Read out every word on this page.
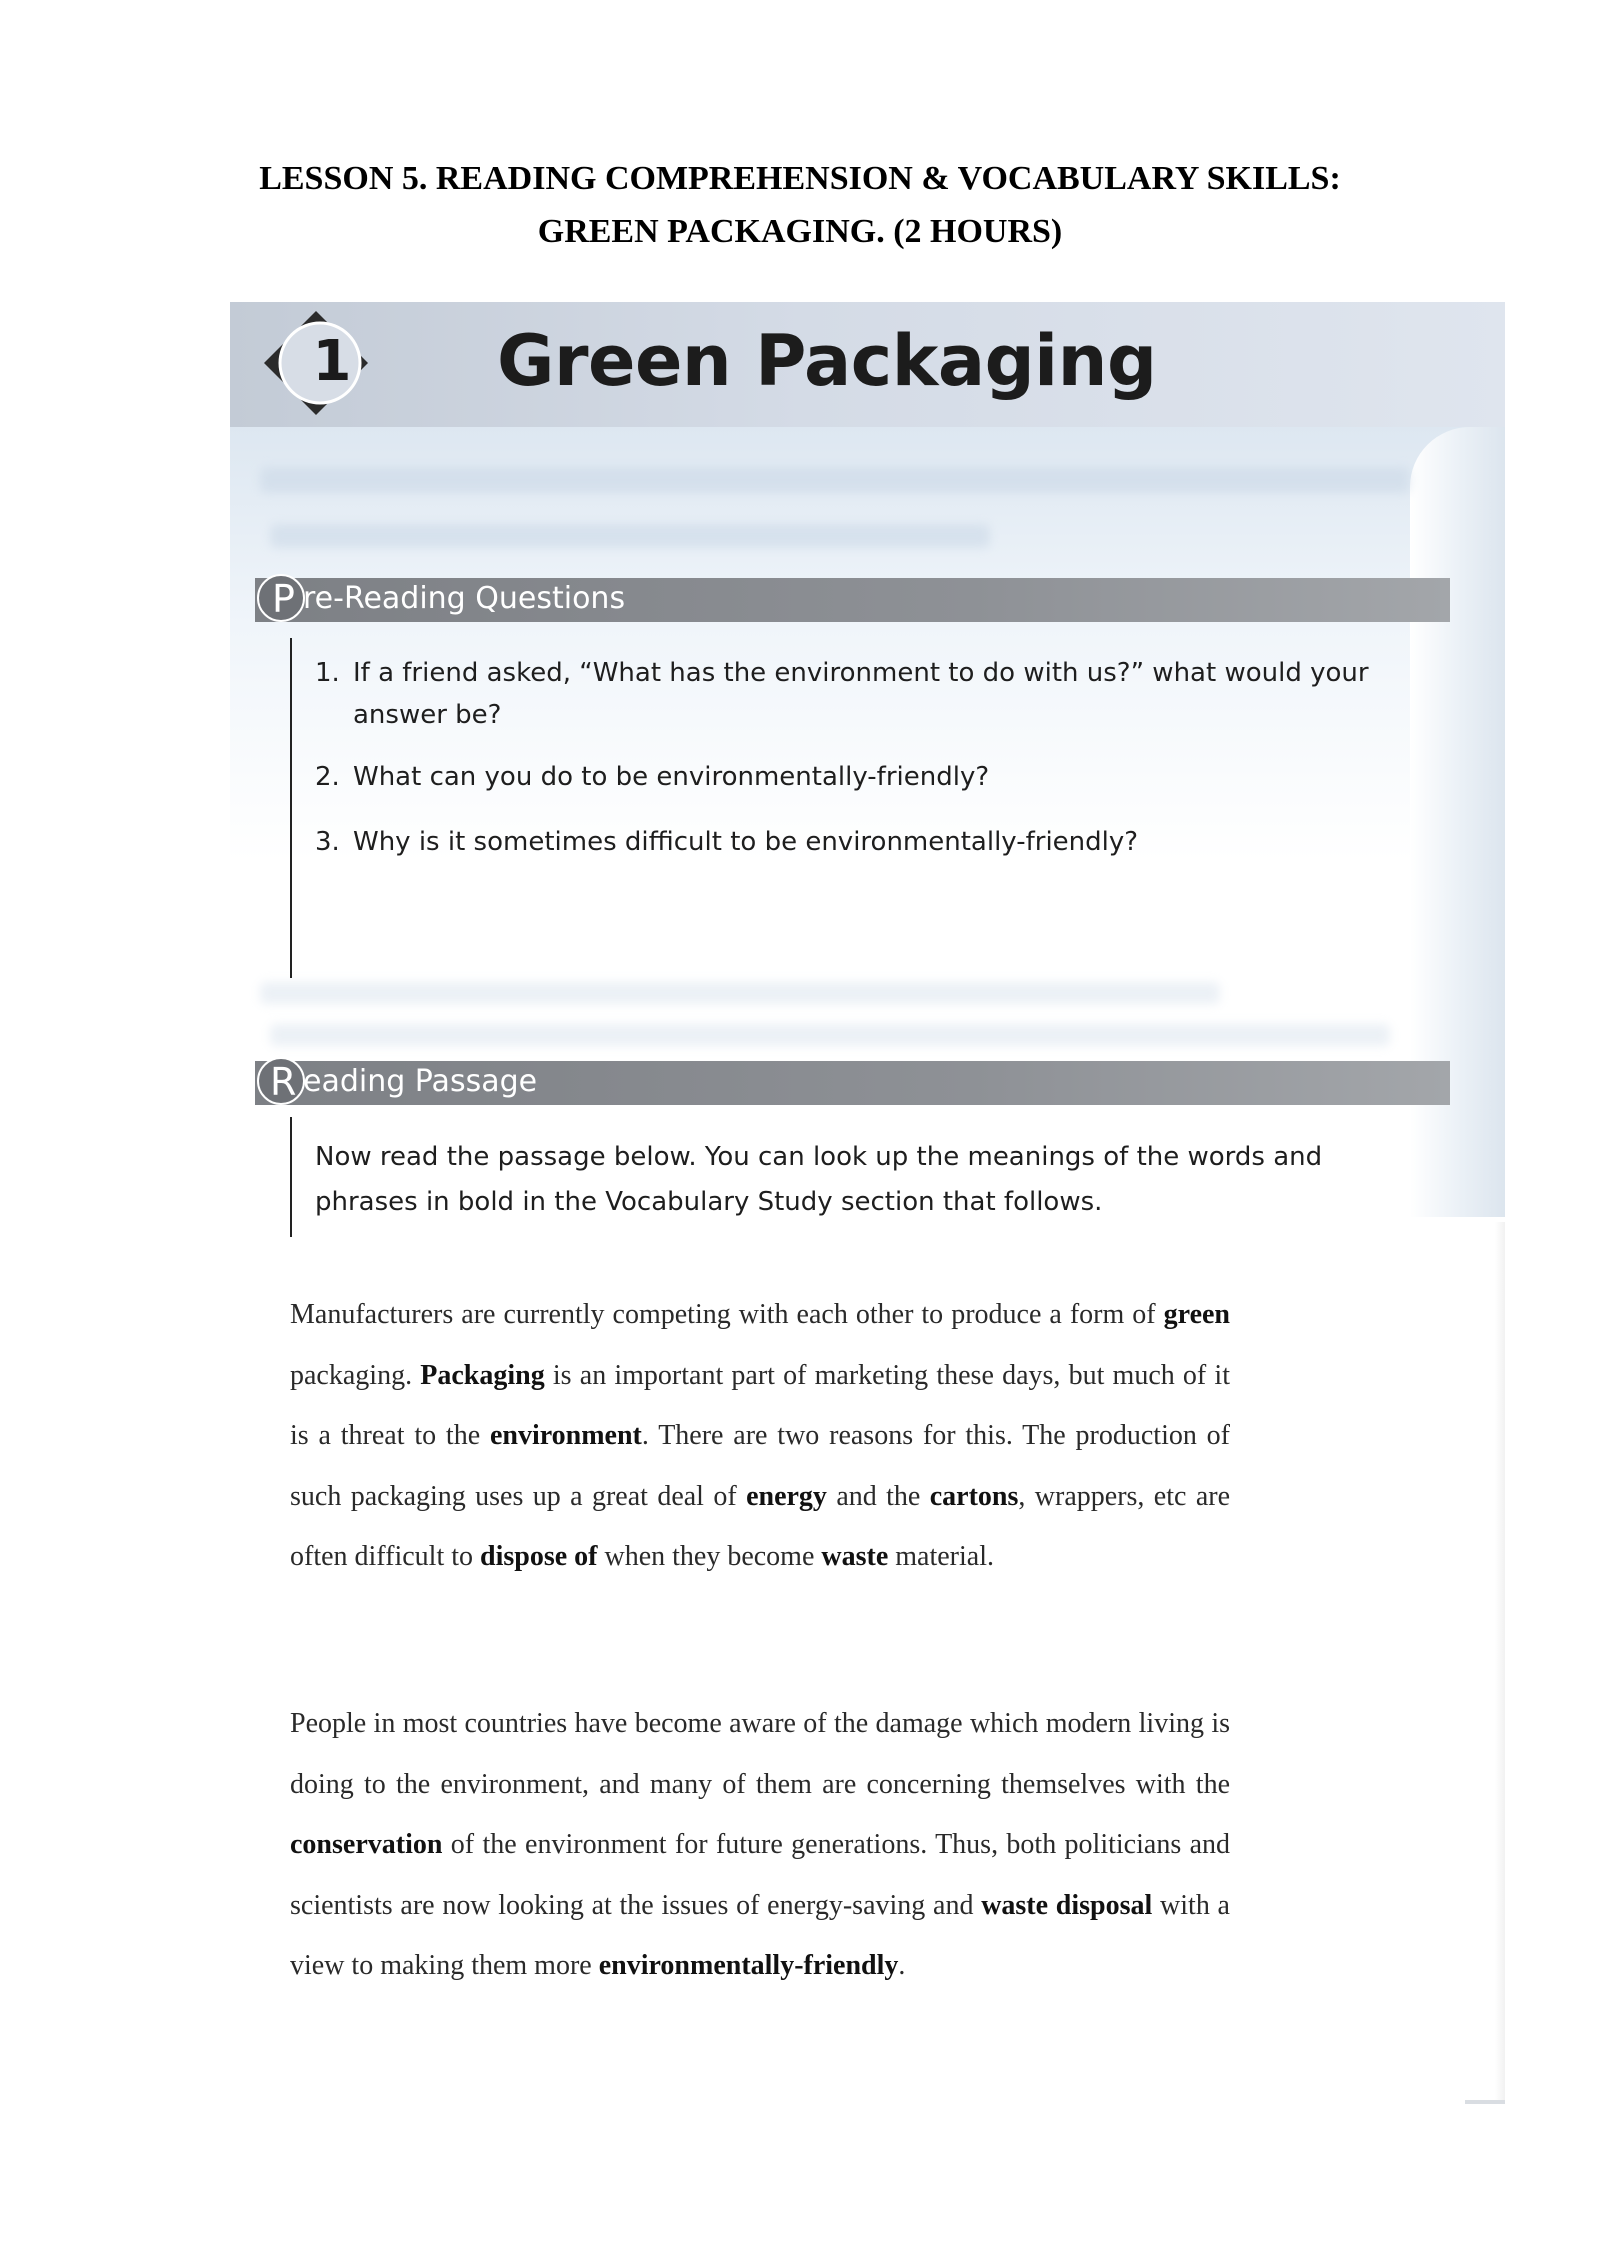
LESSON 5. READING COMPREHENSION & VOCABULARY SKILLS:
GREEN PACKAGING. (2 HOURS)
1 Green Packaging
P re-Reading Questions
1. If a friend asked, “What has the environment to do with us?” what would your answer be?
2. What can you do to be environmentally-friendly?
3. Why is it sometimes difficult to be environmentally-friendly?
R eading Passage
Now read the passage below. You can look up the meanings of the words and phrases in bold in the Vocabulary Study section that follows.
Manufacturers are currently competing with each other to produce a form of green packaging. Packaging is an important part of marketing these days, but much of it is a threat to the environment. There are two reasons for this. The production of such packaging uses up a great deal of energy and the cartons, wrappers, etc are often difficult to dispose of when they become waste material.
People in most countries have become aware of the damage which modern living is doing to the environment, and many of them are concerning themselves with the conservation of the environment for future generations. Thus, both politicians and scientists are now looking at the issues of energy-saving and waste disposal with a view to making them more environmentally-friendly.
